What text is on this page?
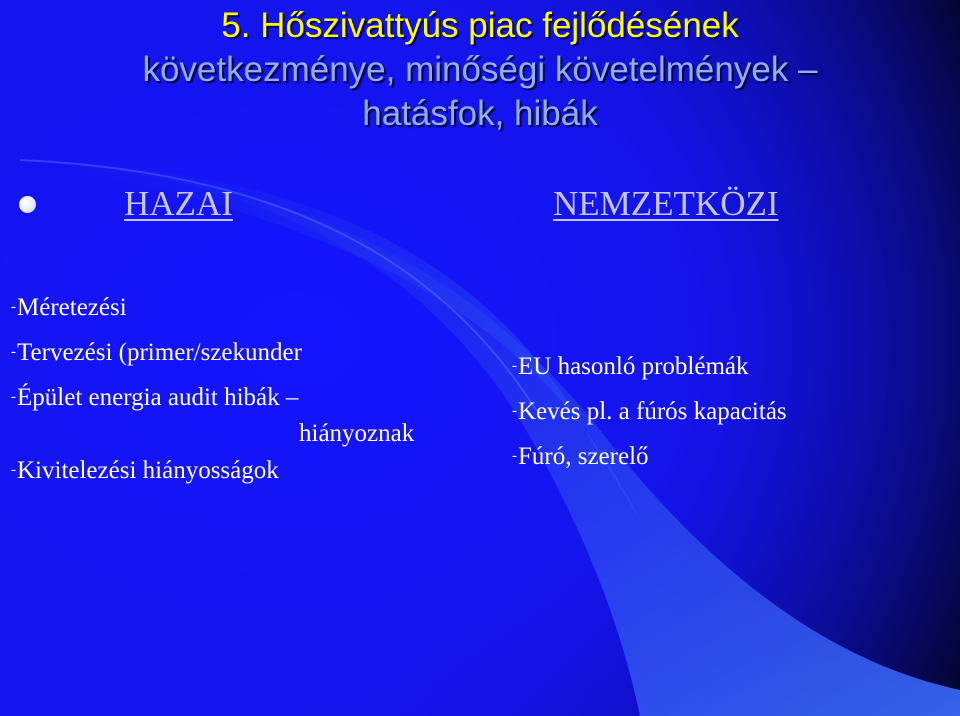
5. Hőszivattyús piac fejlődésének
következménye, minőségi követelmények –
hatásfok, hibák
HAZAI	NEMZETKÖZI
-Méretezési
-Tervezési (primer/szekunder
-Épület energia audit hibák –
hiányoznak
-Kivitelezési hiányosságok
-EU hasonló problémák
-Kevés pl. a fúrós kapacitás
-Fúró, szerelő
